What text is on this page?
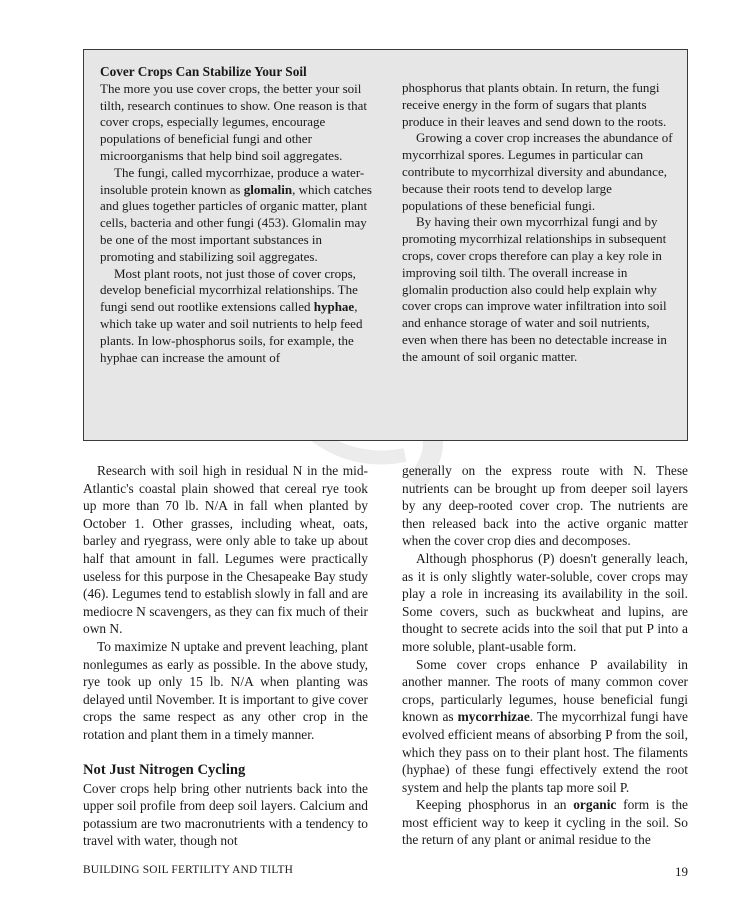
Cover Crops Can Stabilize Your Soil

The more you use cover crops, the better your soil tilth, research continues to show. One reason is that cover crops, especially legumes, encourage populations of beneficial fungi and other microorganisms that help bind soil aggregates.

The fungi, called mycorrhizae, produce a water-insoluble protein known as glomalin, which catches and glues together particles of organic matter, plant cells, bacteria and other fungi (453). Glomalin may be one of the most important substances in promoting and stabilizing soil aggregates.

Most plant roots, not just those of cover crops, develop beneficial mycorrhizal relationships. The fungi send out rootlike extensions called hyphae, which take up water and soil nutrients to help feed plants. In low-phosphorus soils, for example, the hyphae can increase the amount of

phosphorus that plants obtain. In return, the fungi receive energy in the form of sugars that plants produce in their leaves and send down to the roots.

Growing a cover crop increases the abundance of mycorrhizal spores. Legumes in particular can contribute to mycorrhizal diversity and abundance, because their roots tend to develop large populations of these beneficial fungi.

By having their own mycorrhizal fungi and by promoting mycorrhizal relationships in subsequent crops, cover crops therefore can play a key role in improving soil tilth. The overall increase in glomalin production also could help explain why cover crops can improve water infiltration into soil and enhance storage of water and soil nutrients, even when there has been no detectable increase in the amount of soil organic matter.

Research with soil high in residual N in the mid-Atlantic's coastal plain showed that cereal rye took up more than 70 lb. N/A in fall when planted by October 1. Other grasses, including wheat, oats, barley and ryegrass, were only able to take up about half that amount in fall. Legumes were practically useless for this purpose in the Chesapeake Bay study (46). Legumes tend to establish slowly in fall and are mediocre N scavengers, as they can fix much of their own N.

To maximize N uptake and prevent leaching, plant nonlegumes as early as possible. In the above study, rye took up only 15 lb. N/A when planting was delayed until November. It is important to give cover crops the same respect as any other crop in the rotation and plant them in a timely manner.

Not Just Nitrogen Cycling

Cover crops help bring other nutrients back into the upper soil profile from deep soil layers. Calcium and potassium are two macronutrients with a tendency to travel with water, though not

generally on the express route with N. These nutrients can be brought up from deeper soil layers by any deep-rooted cover crop. The nutrients are then released back into the active organic matter when the cover crop dies and decomposes.

Although phosphorus (P) doesn't generally leach, as it is only slightly water-soluble, cover crops may play a role in increasing its availability in the soil. Some covers, such as buckwheat and lupins, are thought to secrete acids into the soil that put P into a more soluble, plant-usable form.

Some cover crops enhance P availability in another manner. The roots of many common cover crops, particularly legumes, house beneficial fungi known as mycorrhizae. The mycorrhizal fungi have evolved efficient means of absorbing P from the soil, which they pass on to their plant host. The filaments (hyphae) of these fungi effectively extend the root system and help the plants tap more soil P.

Keeping phosphorus in an organic form is the most efficient way to keep it cycling in the soil. So the return of any plant or animal residue to the

BUILDING SOIL FERTILITY AND TILTH	19
